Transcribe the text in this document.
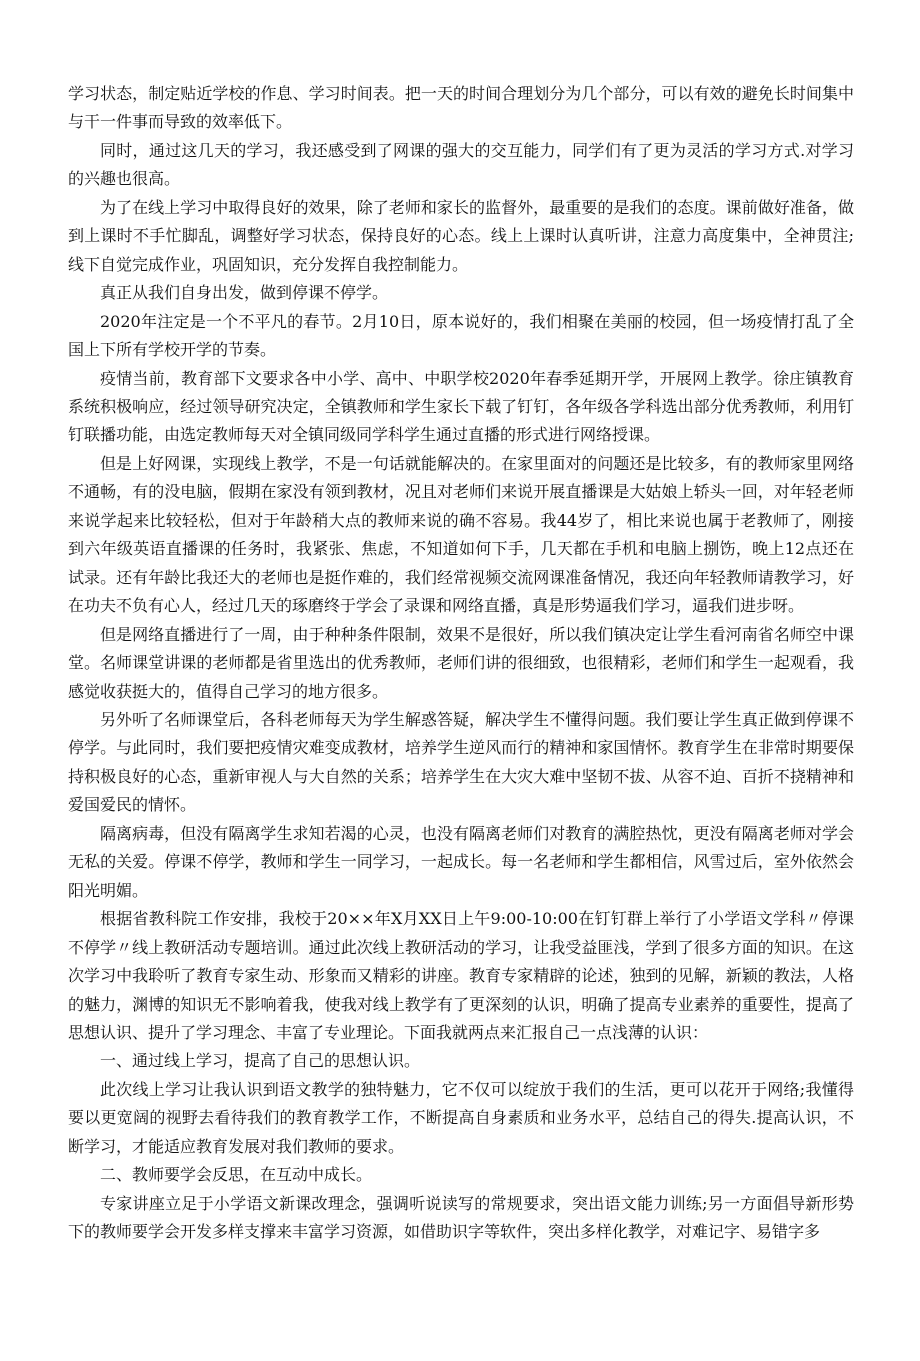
学习状态，制定贴近学校的作息、学习时间表。把一天的时间合理划分为几个部分，可以有效的避免长时间集中与干一件事而导致的效率低下。

同时，通过这几天的学习，我还感受到了网课的强大的交互能力，同学们有了更为灵活的学习方式.对学习的兴趣也很高。

为了在线上学习中取得良好的效果，除了老师和家长的监督外，最重要的是我们的态度。课前做好准备，做到上课时不手忙脚乱，调整好学习状态，保持良好的心态。线上上课时认真听讲，注意力高度集中，全神贯注;线下自觉完成作业，巩固知识，充分发挥自我控制能力。

真正从我们自身出发，做到停课不停学。

2020年注定是一个不平凡的春节。2月10日，原本说好的，我们相聚在美丽的校园，但一场疫情打乱了全国上下所有学校开学的节奏。

疫情当前，教育部下文要求各中小学、高中、中职学校2020年春季延期开学，开展网上教学。徐庄镇教育系统积极响应，经过领导研究决定，全镇教师和学生家长下载了钉钉，各年级各学科选出部分优秀教师，利用钉钉联播功能，由选定教师每天对全镇同级同学科学生通过直播的形式进行网络授课。

但是上好网课，实现线上教学，不是一句话就能解决的。在家里面对的问题还是比较多，有的教师家里网络不通畅，有的没电脑，假期在家没有领到教材，况且对老师们来说开展直播课是大姑娘上轿头一回，对年轻老师来说学起来比较轻松，但对于年龄稍大点的教师来说的确不容易。我44岁了，相比来说也属于老教师了，刚接到六年级英语直播课的任务时，我紧张、焦虑，不知道如何下手，几天都在手机和电脑上捌饬，晚上12点还在试录。还有年龄比我还大的老师也是挺作难的，我们经常视频交流网课准备情况，我还向年轻教师请教学习，好在功夫不负有心人，经过几天的琢磨终于学会了录课和网络直播，真是形势逼我们学习，逼我们进步呀。

但是网络直播进行了一周，由于种种条件限制，效果不是很好，所以我们镇决定让学生看河南省名师空中课堂。名师课堂讲课的老师都是省里选出的优秀教师，老师们讲的很细致，也很精彩，老师们和学生一起观看，我感觉收获挺大的，值得自己学习的地方很多。

另外听了名师课堂后，各科老师每天为学生解惑答疑，解决学生不懂得问题。我们要让学生真正做到停课不停学。与此同时，我们要把疫情灾难变成教材，培养学生逆风而行的精神和家国情怀。教育学生在非常时期要保持积极良好的心态，重新审视人与大自然的关系；培养学生在大灾大难中坚韧不拔、从容不迫、百折不挠精神和爱国爱民的情怀。

隔离病毒，但没有隔离学生求知若渴的心灵，也没有隔离老师们对教育的满腔热忱，更没有隔离老师对学会无私的关爱。停课不停学，教师和学生一同学习，一起成长。每一名老师和学生都相信，风雪过后，室外依然会阳光明媚。

根据省教科院工作安排，我校于20××年X月XX日上午9:00-10:00在钉钉群上举行了小学语文学科〃停课不停学〃线上教研活动专题培训。通过此次线上教研活动的学习，让我受益匪浅，学到了很多方面的知识。在这次学习中我聆听了教育专家生动、形象而又精彩的讲座。教育专家精辟的论述，独到的见解，新颖的教法，人格的魅力，渊博的知识无不影响着我，使我对线上教学有了更深刻的认识，明确了提高专业素养的重要性，提高了思想认识、提升了学习理念、丰富了专业理论。下面我就两点来汇报自己一点浅薄的认识：

一、通过线上学习，提高了自己的思想认识。

此次线上学习让我认识到语文教学的独特魅力，它不仅可以绽放于我们的生活，更可以花开于网络;我懂得要以更宽阔的视野去看待我们的教育教学工作，不断提高自身素质和业务水平，总结自己的得失.提高认识，不断学习，才能适应教育发展对我们教师的要求。

二、教师要学会反思，在互动中成长。

专家讲座立足于小学语文新课改理念，强调听说读写的常规要求，突出语文能力训练;另一方面倡导新形势下的教师要学会开发多样支撑来丰富学习资源，如借助识字等软件，突出多样化教学，对难记字、易错字多
